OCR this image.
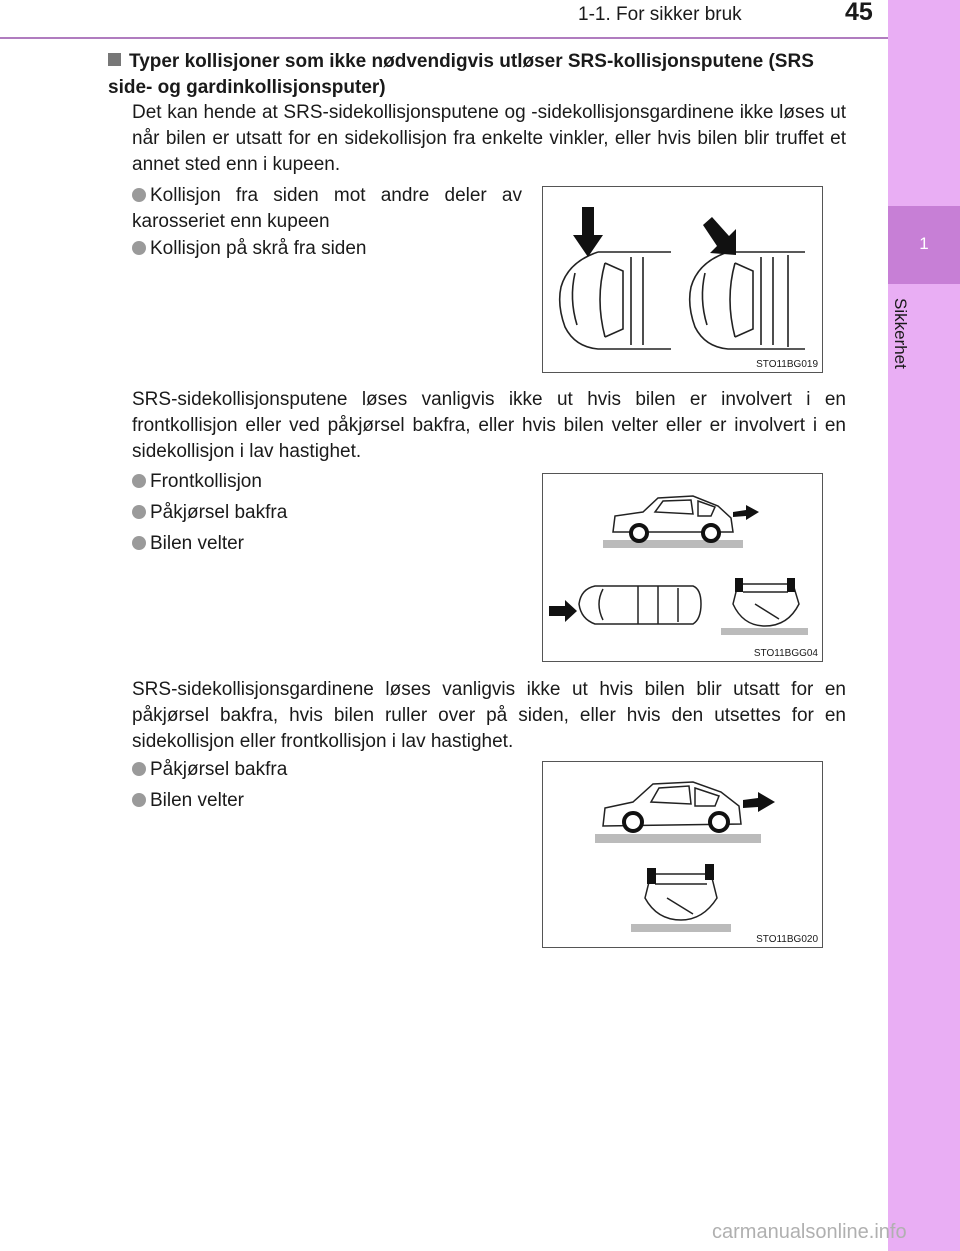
1
Sikkerhet
1-1. For sikker bruk	45
Typer kollisjoner som ikke nødvendigvis utløser SRS-kollisjonsputene (SRS side- og gardinkollisjonsputer)
Det kan hende at SRS-sidekollisjonsputene og -sidekollisjonsgardinene ikke løses ut når bilen er utsatt for en sidekollisjon fra enkelte vinkler, eller hvis bilen blir truffet et annet sted enn i kupeen.
Kollisjon fra siden mot andre deler av karosseriet enn kupeen
Kollisjon på skrå fra siden
STO11BG019
SRS-sidekollisjonsputene løses vanligvis ikke ut hvis bilen er involvert i en frontkollisjon eller ved påkjørsel bakfra, eller hvis bilen velter eller er involvert i en sidekollisjon i lav hastighet.
Frontkollisjon
Påkjørsel bakfra
Bilen velter
STO11BGG04
SRS-sidekollisjonsgardinene løses vanligvis ikke ut hvis bilen blir utsatt for en påkjørsel bakfra, hvis bilen ruller over på siden, eller hvis den utsettes for en sidekollisjon eller frontkollisjon i lav hastighet.
Påkjørsel bakfra
Bilen velter
STO11BG020
carmanualsonline.info
